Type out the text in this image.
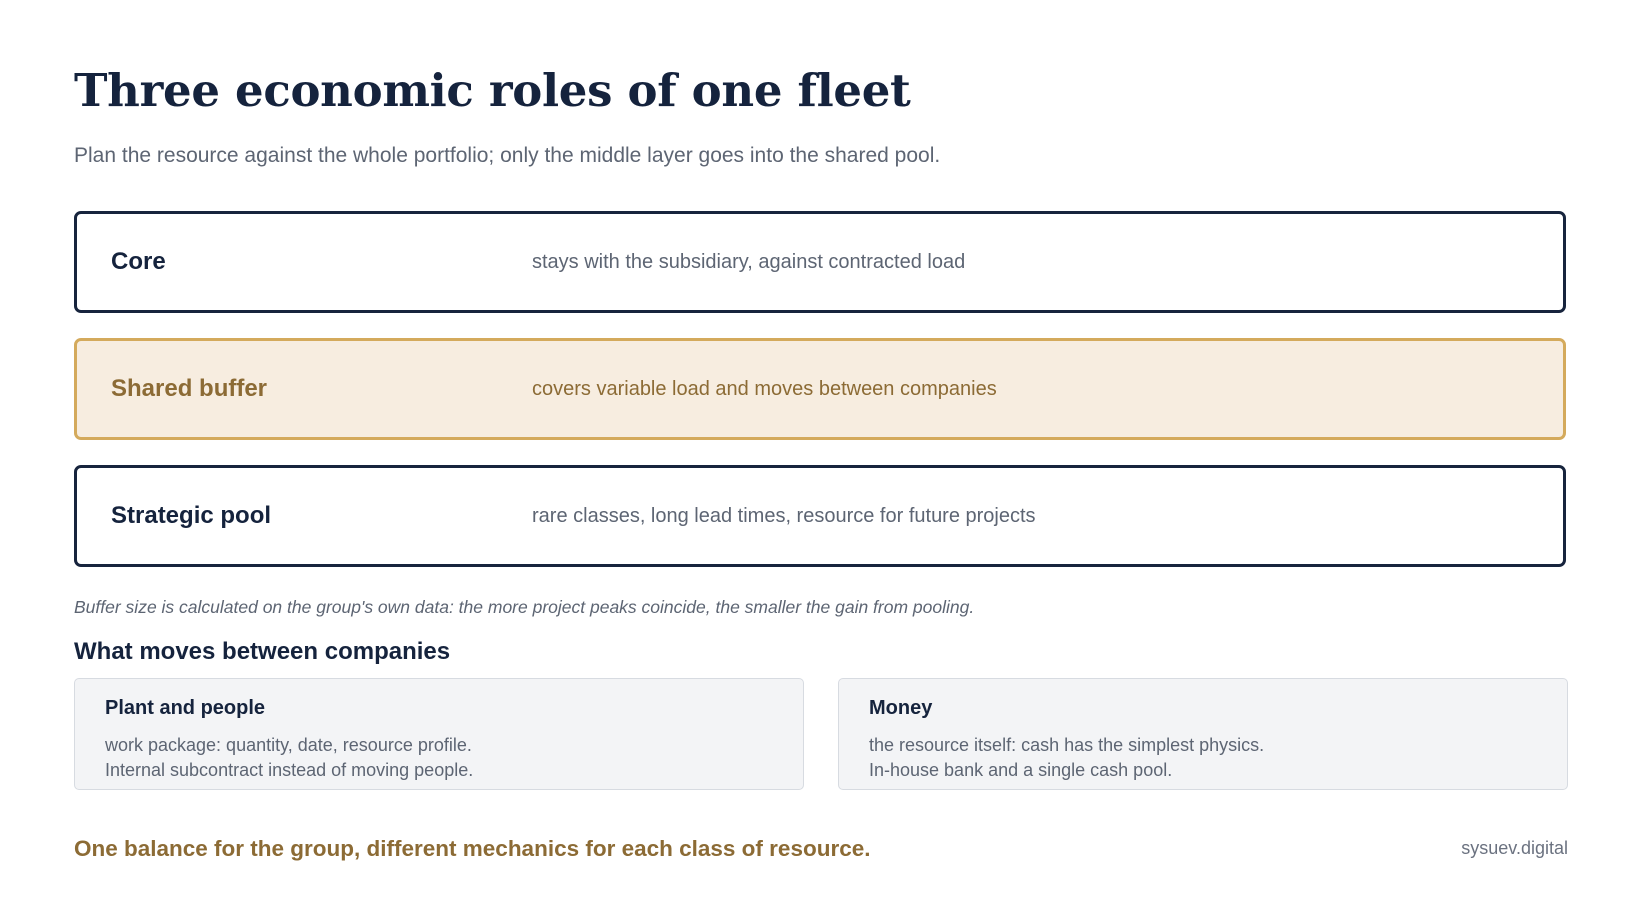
Three economic roles of one fleet

Plan the resource against the whole portfolio; only the middle layer goes into the shared pool.

Core	stays with the subsidiary, against contracted load
Shared buffer	covers variable load and moves between companies
Strategic pool	rare classes, long lead times, resource for future projects

Buffer size is calculated on the group's own data: the more project peaks coincide, the smaller the gain from pooling.

What moves between companies
Plant and people
work package: quantity, date, resource profile.
Internal subcontract instead of moving people.
Money
the resource itself: cash has the simplest physics.
In-house bank and a single cash pool.

One balance for the group, different mechanics for each class of resource.	sysuev.digital
